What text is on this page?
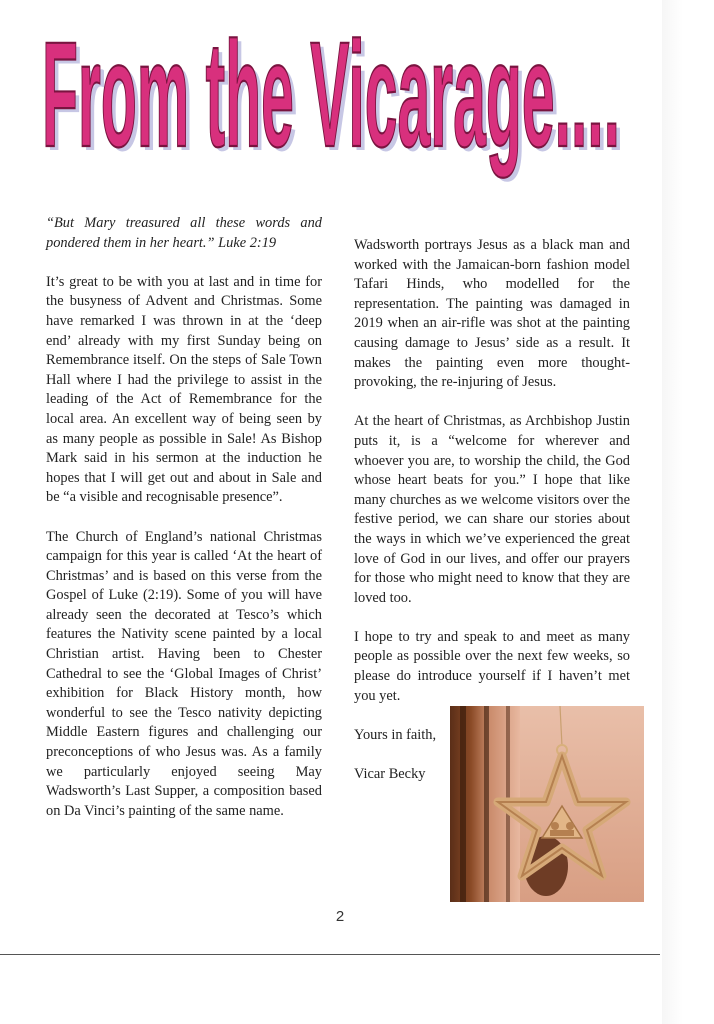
From the Vicarage....
From the Vicarage....

“But Mary treasured all these words and pondered them in her heart.” Luke 2:19

It’s great to be with you at last and in time for the busyness of Advent and Christmas. Some have remarked I was thrown in at the ‘deep end’ already with my first Sunday being on Remembrance itself. On the steps of Sale Town Hall where I had the privilege to assist in the leading of the Act of Remembrance for the local area. An excellent way of being seen by as many people as possible in Sale! As Bishop Mark said in his sermon at the induction he hopes that I will get out and about in Sale and be “a visible and recognisable presence”.

The Church of England’s national Christmas campaign for this year is called ‘At the heart of Christmas’ and is based on this verse from the Gospel of Luke (2:19). Some of you will have already seen the decorated at Tesco’s which features the Nativity scene painted by a local Christian artist. Having been to Chester Cathedral to see the ‘Global Images of Christ’ exhibition for Black History month, how wonderful to see the Tesco nativity depicting Middle Eastern figures and challenging our preconceptions of who Jesus was. As a family we particularly enjoyed seeing May Wadsworth’s Last Supper, a composition based on Da Vinci’s painting of the same name.

Wadsworth portrays Jesus as a black man and worked with the Jamaican-born fashion model Tafari Hinds, who modelled for the representation. The painting was damaged in 2019 when an air-rifle was shot at the painting causing damage to Jesus’ side as a result. It makes the painting even more thought-provoking, the re-injuring of Jesus.

At the heart of Christmas, as Archbishop Justin puts it, is a “welcome for wherever and whoever you are, to worship the child, the God whose heart beats for you.” I hope that like many churches as we welcome visitors over the festive period, we can share our stories about the ways in which we’ve experienced the great love of God in our lives, and offer our prayers for those who might need to know that they are loved too.

I hope to try and speak to and meet as many people as possible over the next few weeks, so please do introduce yourself if I haven’t met you yet.

Yours in faith,

Vicar Becky

2
